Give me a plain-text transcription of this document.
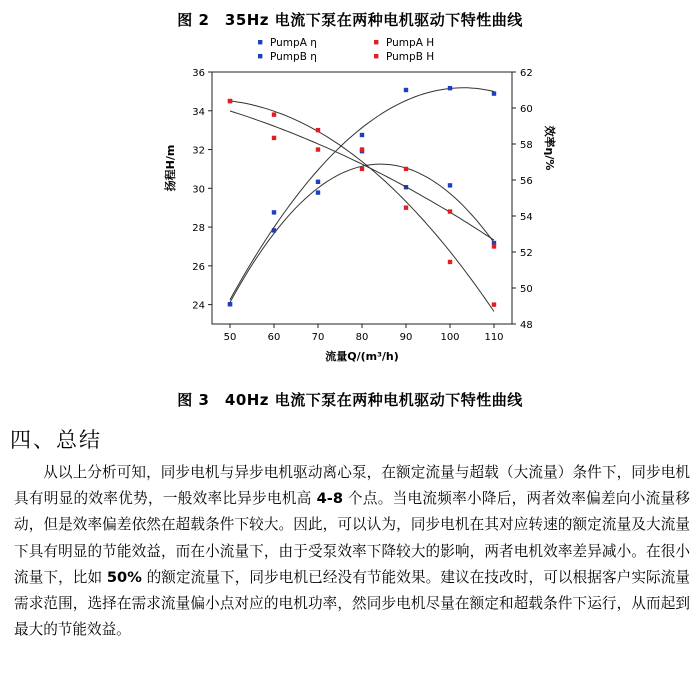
图 2　35Hz 电流下泵在两种电机驱动下特性曲线
50	60	70	80	90	100 110
24
26
28
30
32
34
36
48
50
52
54
56
58
60
62
流量Q/(m³/h)
扬程H/m	效率η/%
PumpA η	PumpA H
PumpB η	PumpB H
图 3　40Hz 电流下泵在两种电机驱动下特性曲线
四、总结

从以上分析可知，同步电机与异步电机驱动离心泵，在额定流量与超载（大流量）条件下，同步电机具有明显的效率优势，一般效率比异步电机高 4-8 个点。当电流频率小降后，两者效率偏差向小流量移动，但是效率偏差依然在超载条件下较大。因此，可以认为，同步电机在其对应转速的额定流量及大流量下具有明显的节能效益，而在小流量下，由于受泵效率下降较大的影响，两者电机效率差异减小。在很小流量下，比如 50% 的额定流量下，同步电机已经没有节能效果。建议在技改时，可以根据客户实际流量需求范围，选择在需求流量偏小点对应的电机功率，然同步电机尽量在额定和超载条件下运行，从而起到最大的节能效益。
